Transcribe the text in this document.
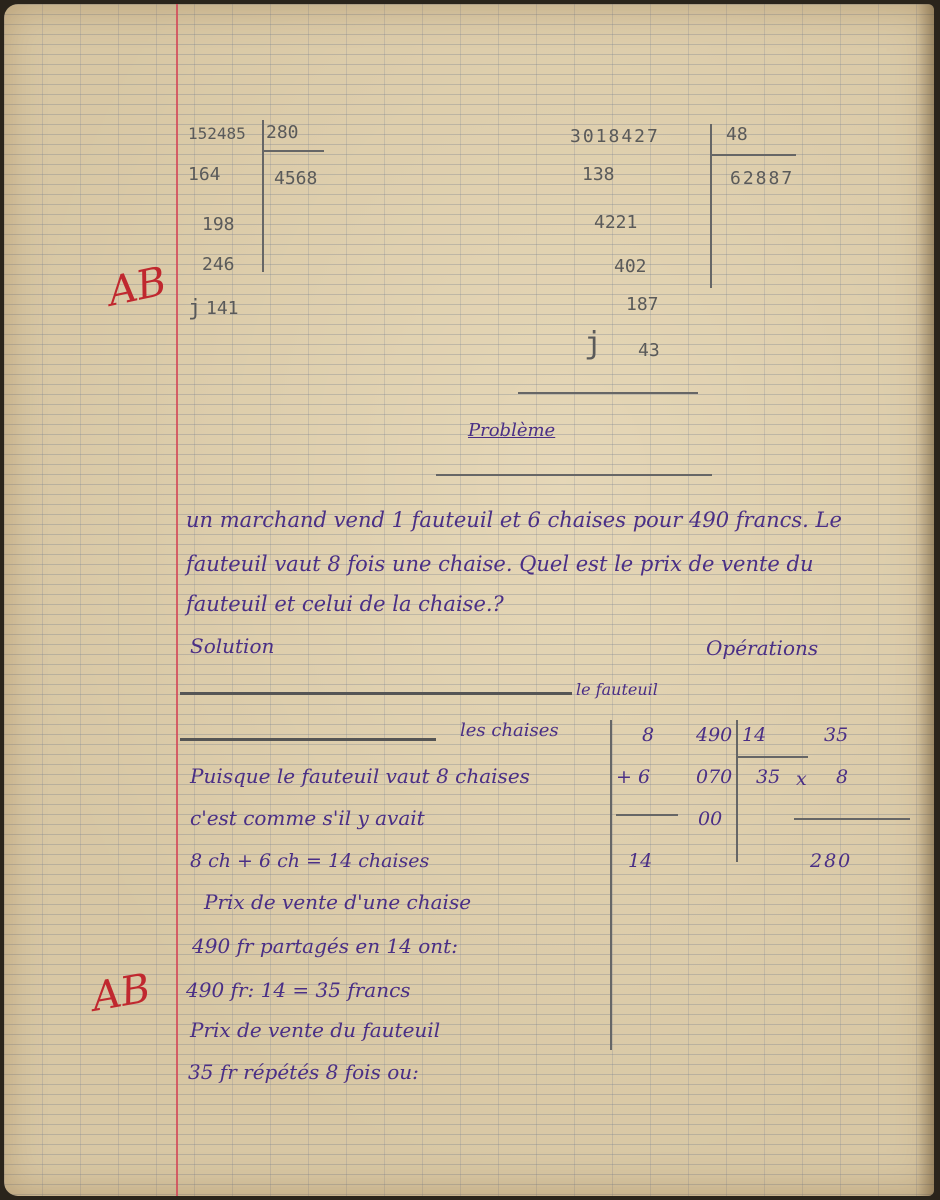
152485 280
4568
164
198
246
j 141
3018427	48
62887
138
4221
402
187
j 43
AB
AB
Problème
un marchand vend 1 fauteuil et 6 chaises pour 490 francs. Le
fauteuil vaut 8 fois une chaise. Quel est le prix de vente du
fauteuil et celui de la chaise.?
Solution	Opérations
le fauteuil
les chaises
Puisque le fauteuil vaut 8 chaises
c'est comme s'il y avait
8 ch + 6 ch = 14 chaises
Prix de vente d'une chaise
490 fr partagés en 14 ont:
490 fr: 14 = 35 francs
Prix de vente du fauteuil
35 fr répétés 8 fois ou:
8
+ 6
14
490 14
070 35
00
35
x 8
280
